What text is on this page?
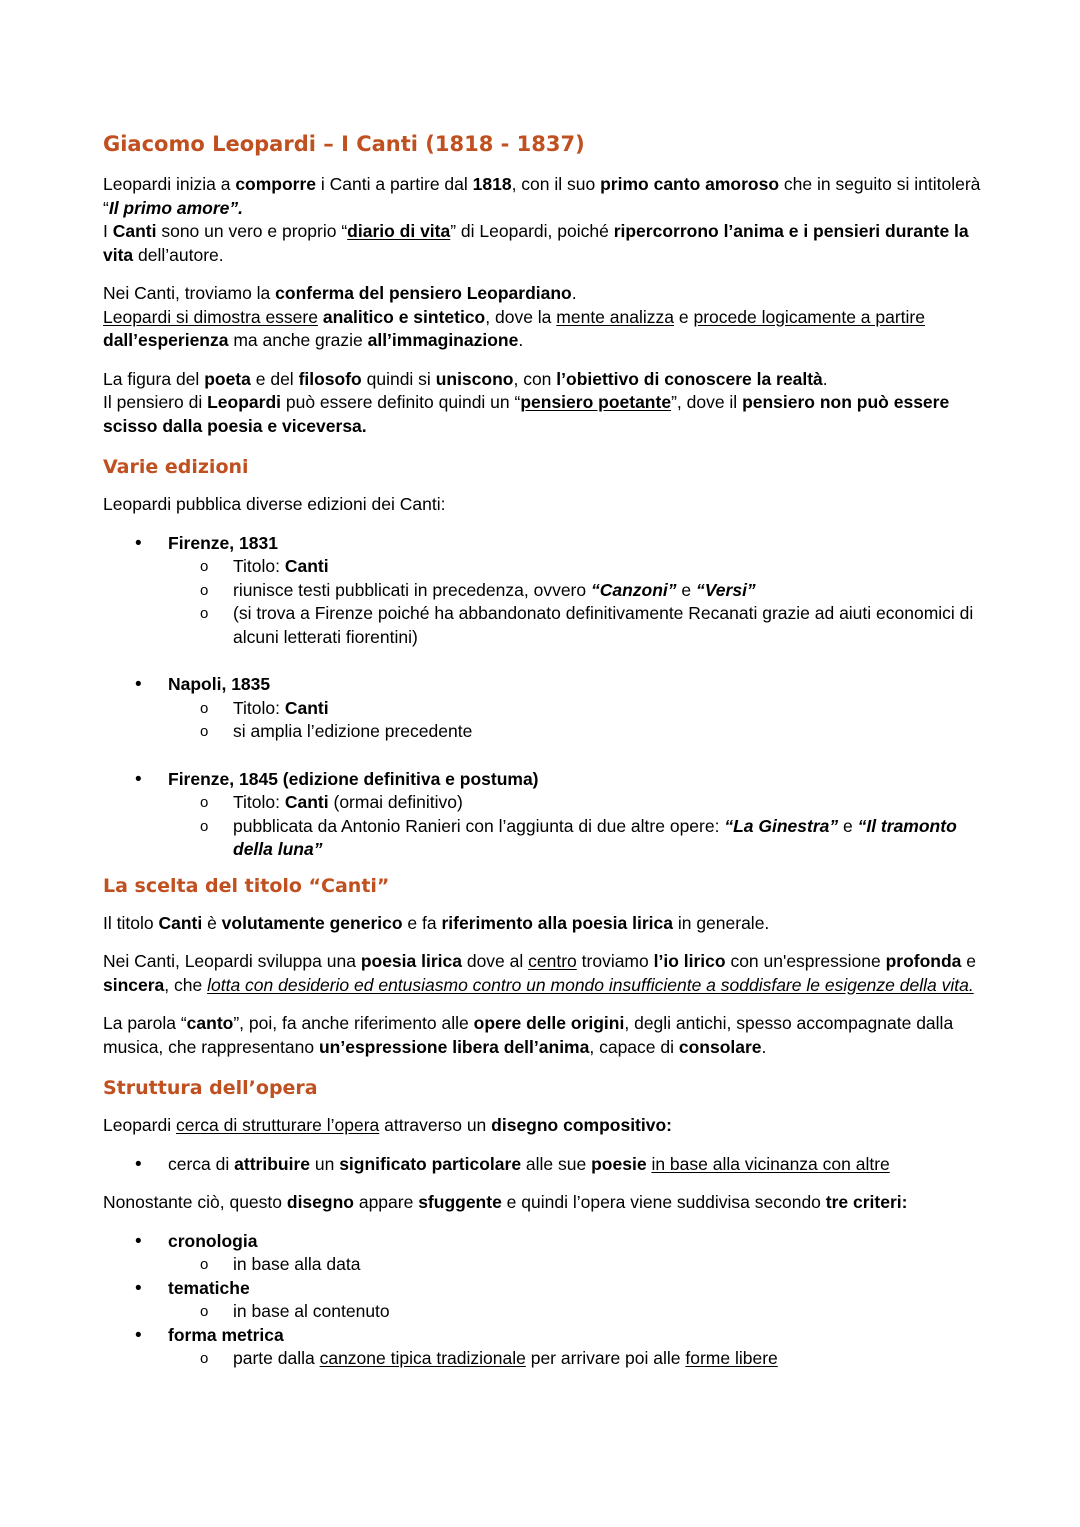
Giacomo Leopardi – I Canti (1818 - 1837)

Leopardi inizia a comporre i Canti a partire dal 1818, con il suo primo canto amoroso che in seguito si intitolerà “Il primo amore”.
I Canti sono un vero e proprio “diario di vita” di Leopardi, poiché ripercorrono l’anima e i pensieri durante la vita dell’autore.

Nei Canti, troviamo la conferma del pensiero Leopardiano.
Leopardi si dimostra essere analitico e sintetico, dove la mente analizza e procede logicamente a partire dall’esperienza ma anche grazie all’immaginazione.

La figura del poeta e del filosofo quindi si uniscono, con l’obiettivo di conoscere la realtà.
Il pensiero di Leopardi può essere definito quindi un “pensiero poetante”, dove il pensiero non può essere scisso dalla poesia e viceversa.

Varie edizioni

Leopardi pubblica diverse edizioni dei Canti:

• Firenze, 1831
o Titolo: Canti
o riunisce testi pubblicati in precedenza, ovvero “Canzoni” e “Versi”
o (si trova a Firenze poiché ha abbandonato definitivamente Recanati grazie ad aiuti economici di alcuni letterati fiorentini)
• Napoli, 1835
o Titolo: Canti
o si amplia l’edizione precedente
• Firenze, 1845 (edizione definitiva e postuma)
o Titolo: Canti (ormai definitivo)
o pubblicata da Antonio Ranieri con l’aggiunta di due altre opere: “La Ginestra” e “Il tramonto della luna”
La scelta del titolo “Canti”

Il titolo Canti è volutamente generico e fa riferimento alla poesia lirica in generale.

Nei Canti, Leopardi sviluppa una poesia lirica dove al centro troviamo l’io lirico con un'espressione profonda e sincera, che lotta con desiderio ed entusiasmo contro un mondo insufficiente a soddisfare le esigenze della vita.

La parola “canto”, poi, fa anche riferimento alle opere delle origini, degli antichi, spesso accompagnate dalla musica, che rappresentano un’espressione libera dell’anima, capace di consolare.

Struttura dell’opera

Leopardi cerca di strutturare l’opera attraverso un disegno compositivo:

• cerca di attribuire un significato particolare alle sue poesie in base alla vicinanza con altre

Nonostante ciò, questo disegno appare sfuggente e quindi l’opera viene suddivisa secondo tre criteri:

• cronologia
o in base alla data
• tematiche
o in base al contenuto
• forma metrica
o parte dalla canzone tipica tradizionale per arrivare poi alle forme libere
